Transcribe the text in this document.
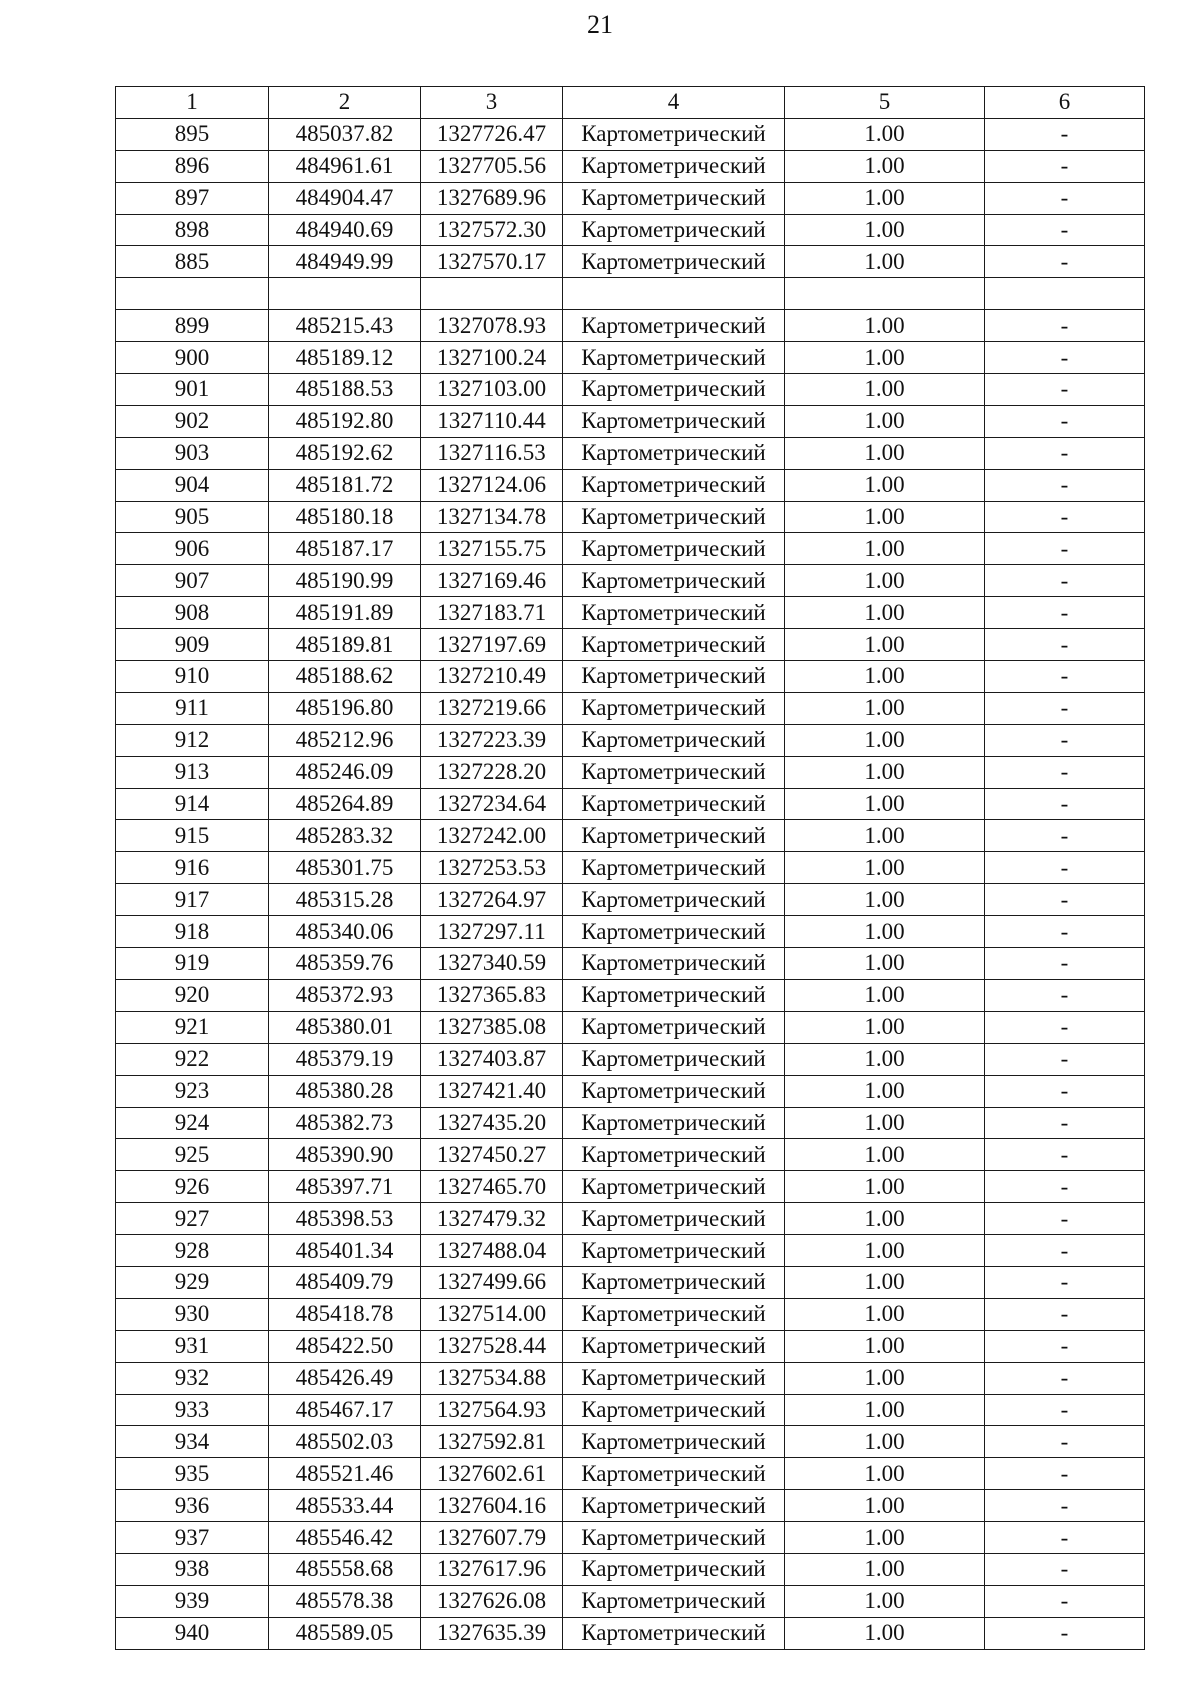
21
1	2	3	4	5	6
895	485037.82	1327726.47	Картометрический	1.00	-
896	484961.61	1327705.56	Картометрический	1.00	-
897	484904.47	1327689.96	Картометрический	1.00	-
898	484940.69	1327572.30	Картометрический	1.00	-
885	484949.99	1327570.17	Картометрический	1.00	-

899	485215.43	1327078.93	Картометрический	1.00	-
900	485189.12	1327100.24	Картометрический	1.00	-
901	485188.53	1327103.00	Картометрический	1.00	-
902	485192.80	1327110.44	Картометрический	1.00	-
903	485192.62	1327116.53	Картометрический	1.00	-
904	485181.72	1327124.06	Картометрический	1.00	-
905	485180.18	1327134.78	Картометрический	1.00	-
906	485187.17	1327155.75	Картометрический	1.00	-
907	485190.99	1327169.46	Картометрический	1.00	-
908	485191.89	1327183.71	Картометрический	1.00	-
909	485189.81	1327197.69	Картометрический	1.00	-
910	485188.62	1327210.49	Картометрический	1.00	-
911	485196.80	1327219.66	Картометрический	1.00	-
912	485212.96	1327223.39	Картометрический	1.00	-
913	485246.09	1327228.20	Картометрический	1.00	-
914	485264.89	1327234.64	Картометрический	1.00	-
915	485283.32	1327242.00	Картометрический	1.00	-
916	485301.75	1327253.53	Картометрический	1.00	-
917	485315.28	1327264.97	Картометрический	1.00	-
918	485340.06	1327297.11	Картометрический	1.00	-
919	485359.76	1327340.59	Картометрический	1.00	-
920	485372.93	1327365.83	Картометрический	1.00	-
921	485380.01	1327385.08	Картометрический	1.00	-
922	485379.19	1327403.87	Картометрический	1.00	-
923	485380.28	1327421.40	Картометрический	1.00	-
924	485382.73	1327435.20	Картометрический	1.00	-
925	485390.90	1327450.27	Картометрический	1.00	-
926	485397.71	1327465.70	Картометрический	1.00	-
927	485398.53	1327479.32	Картометрический	1.00	-
928	485401.34	1327488.04	Картометрический	1.00	-
929	485409.79	1327499.66	Картометрический	1.00	-
930	485418.78	1327514.00	Картометрический	1.00	-
931	485422.50	1327528.44	Картометрический	1.00	-
932	485426.49	1327534.88	Картометрический	1.00	-
933	485467.17	1327564.93	Картометрический	1.00	-
934	485502.03	1327592.81	Картометрический	1.00	-
935	485521.46	1327602.61	Картометрический	1.00	-
936	485533.44	1327604.16	Картометрический	1.00	-
937	485546.42	1327607.79	Картометрический	1.00	-
938	485558.68	1327617.96	Картометрический	1.00	-
939	485578.38	1327626.08	Картометрический	1.00	-
940	485589.05	1327635.39	Картометрический	1.00	-
